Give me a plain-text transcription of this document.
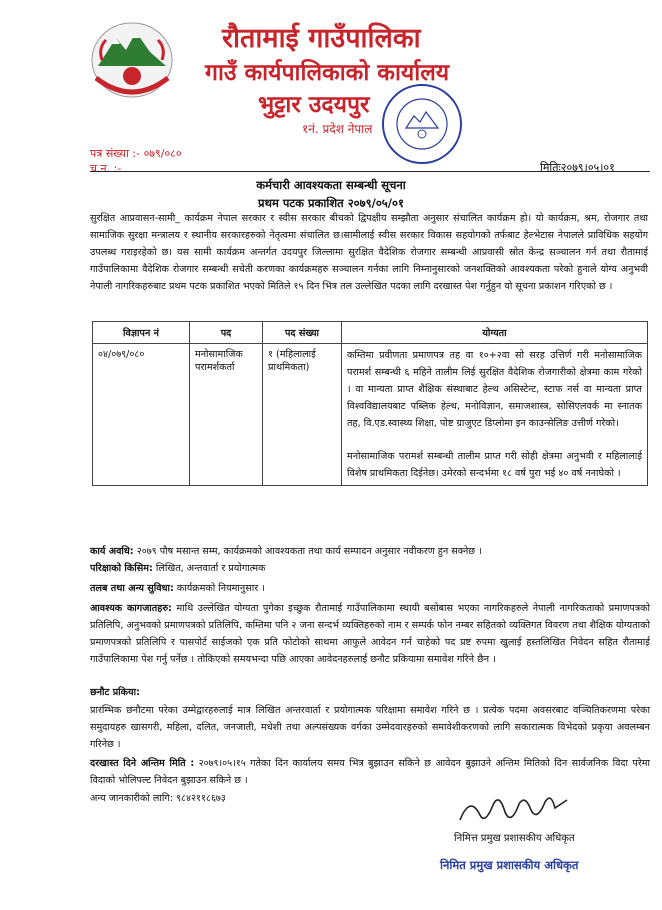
रौतामाई गाउँपालिका
गाउँ कार्यपालिकाको कार्यालय
भुट्टार उदयपुर
१नं. प्रदेश नेपाल
पत्र संख्या :- ०७९/०८०
च.न. :-	मितिः२०७९।०५।०१
कर्मचारी आवश्यकता सम्बन्धी सूचना
प्रथम पटक प्रकाशित २०७९/०५/०१
सुरक्षित आप्रवासन-सामी_ कार्यक्रम नेपाल सरकार र स्वीस सरकार बीचको द्विपक्षीय सम्झौता अनुसार संचालित कार्यक्रम हो। यो कार्यक्रम, श्रम, रोजगार तथा सामाजिक सुरक्षा मन्त्रालय र स्थानीय सरकारहरुको नेतृत्वमा संचालित छ।सामीलाई स्वीस सरकार विकास सहयोगको तर्फबाट हेल्भेटास नेपालले प्राविधिक सहयोग उपलब्ध गराइरहेको छ। यस सामी कार्यक्रम अन्तर्गत उदयपुर जिल्लामा सुरक्षित वैदेशिक रोजगार सम्बन्धी आप्रवासी स्रोत केन्द्र सञ्चालन गर्न तथा रौतामाई गाउँपालिकामा वैदेशिक रोजगार सम्बन्धी सचेती करणका कार्यक्रमहरु सञ्चालन गर्नका लागि निम्नानुसारको जनशक्तिको आवश्यकता परेको हुनाले योग्य अनुभवी नेपाली नागरिकहरुबाट प्रथम पटक प्रकाशित भएको मितिले १५ दिन भित्र तल उल्लेखित पदका लागि दरखास्त पेश गर्नुहुन यो सूचना प्रकाशन गरिएको छ ।
विज्ञापन नं	पद	पद संख्या	योग्यता
०४/०७९/०८०	मनोसामाजिक परामर्शकर्ता	१ (महिलालाई प्राथमिकता)	कम्तिमा प्रवीणता प्रमाणपत्र तह वा १०+२वा सो सरह उत्तिर्ण गरी मनोसामाजिक परामर्श सम्बन्धी ६ महिने तालीम लिई सुरक्षित वैदेशिक रोजगारीको क्षेत्रमा काम गरेको । वा मान्यता प्राप्त शैक्षिक संस्थाबाट हेल्थ असिस्टेन्ट, स्टाफ नर्स वा मान्यता प्राप्त विश्वविद्यालयबाट पब्लिक हेल्थ, मनोविज्ञान, समाजशास्त्र, सोसिएलवर्क मा स्नातक तह, वि.एड.स्वास्थ्य शिक्षा, पोष्ट ग्राजुएट डिप्लोमा इन काउन्सेलिङ उत्तीर्ण गरेको।
मनोसामाजिक परामर्श सम्बन्धी तालीम प्राप्त गरी सोही क्षेत्रमा अनुभवी र महिलालाई विशेष प्राथमिकता दिईनेछ। उमेरको सन्दर्भमा १८ वर्ष पुरा भई ४० वर्ष ननाघेको ।
कार्य अवधि: २०७९ पौष मसान्त सम्म, कार्यक्रमको आवश्यकता तथा कार्य सम्पादन अनुसार नवीकरण हुन सक्नेछ ।
परिक्षाको किसिम: लिखित, अन्तवार्ता र प्रयोगात्मक
तलब तथा अन्य सुविधा: कार्यक्रमको नियमानुसार ।
आवश्यक कागजातहरु: माथि उल्लेखित योग्यता पुगेका इच्छुक रौतामाई गाउँपालिकामा स्थायी बसोबास भएका नागरिकहरुले नेपाली नागरिकताको प्रमाणपत्रको प्रतिलिपि, अनुभवको प्रमाणपत्रको प्रतिलिपि, कम्तिमा पनि २ जना सन्दर्भ व्यक्तिहरुको नाम र सम्पर्क फोन नम्बर सहितको व्यक्तिगत विवरण तथा शैक्षिक योग्यताको प्रमाणपत्रको प्रतिलिपि र पासपोर्ट साईजको एक प्रति फोटोको साथमा आफुले आवेदन गर्न चाहेको पद प्रष्ट रुपमा खुलाई हस्तलिखित निवेदन सहित रौतामाई गाउँपालिकामा पेश गर्नु पर्नेछ । तोकिएको समयभन्दा पछि आएका आवेदनहरुलाई छनौट प्रकियामा समावेश गरिने छैन ।
छनौट प्रकिया:
प्रारम्भिक छनौटमा परेका उम्मेद्वारहरुलाई मात्र लिखित अन्तरवार्ता र प्रयोगात्मक परिक्षामा समावेश गरिने छ । प्रत्येक पदमा अवसरबाट वञ्चितिकरणमा परेका समुदायहरु खासगरी, महिला, दलित, जनजाती, मधेशी तथा अल्पसंख्यक वर्गका उम्मेदवारहरुको समावेशीकरणको लागि सकारात्मक विभेदको प्रकृया अवलम्बन गरिनेछ ।
दरखास्त दिने अन्तिम मिति : २०७९।०५।१५ गतेका दिन कार्यालय समय भित्र बुझाउन सकिने छ आवेदन बुझाउने अन्तिम मितिको दिन सार्वजनिक विदा परेमा विदाको भोलिपल्ट निवेदन बुझाउन सकिने छ ।
अन्य जानकारीको लागि: ९८४२११८६७३
निमित्त प्रमुख प्रशासकीय अधिकृत
निमित प्रमुख प्रशासकीय अधिकृत
